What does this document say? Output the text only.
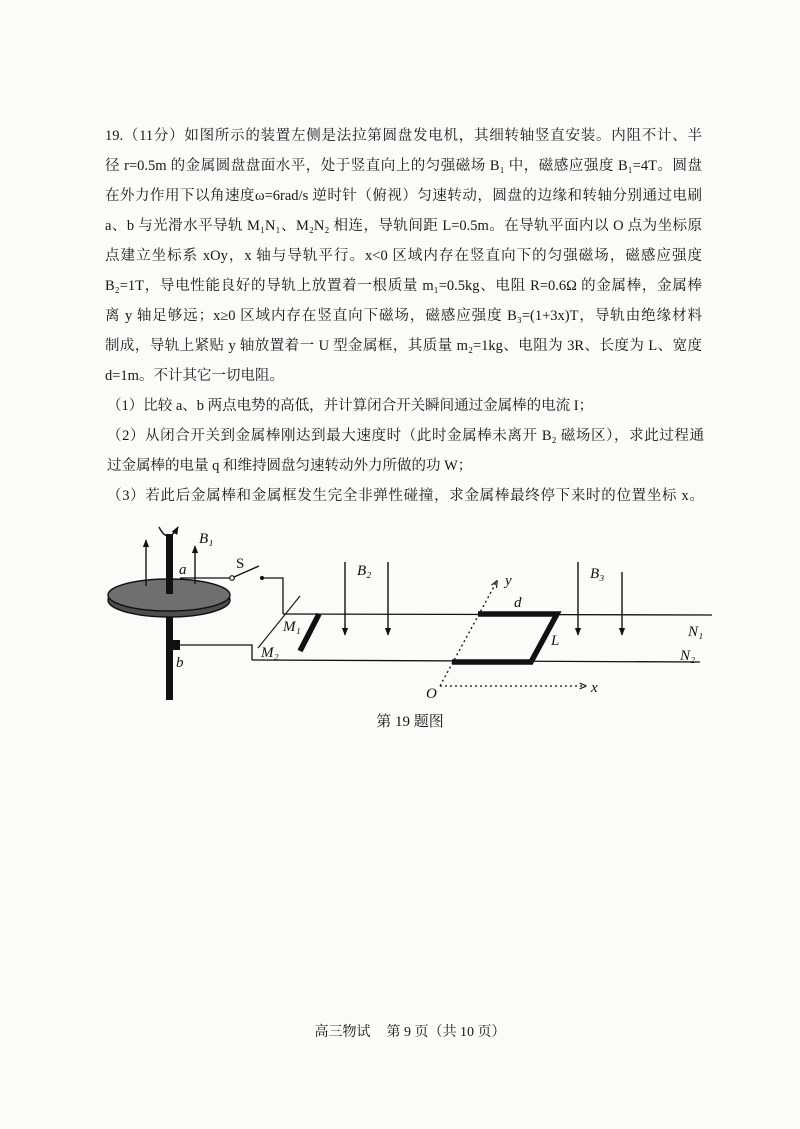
19.（11分）如图所示的装置左侧是法拉第圆盘发电机，其细转轴竖直安装。内阻不计、半
径 r=0.5m 的金属圆盘盘面水平，处于竖直向上的匀强磁场 B₁ 中，磁感应强度 B₁=4T。圆盘
在外力作用下以角速度ω=6rad/s 逆时针（俯视）匀速转动，圆盘的边缘和转轴分别通过电刷
a、b 与光滑水平导轨 M₁N₁、M₂N₂ 相连，导轨间距 L=0.5m。在导轨平面内以 O 点为坐标原
点建立坐标系 xOy，x 轴与导轨平行。x<0 区域内存在竖直向下的匀强磁场，磁感应强度
B₂=1T，导电性能良好的导轨上放置着一根质量 m₁=0.5kg、电阻 R=0.6Ω 的金属棒，金属棒
离 y 轴足够远；x≥0 区域内存在竖直向下磁场，磁感应强度 B₃=(1+3x)T，导轨由绝缘材料
制成，导轨上紧贴 y 轴放置着一 U 型金属框，其质量 m₂=1kg、电阻为 3R、长度为 L、宽度
d=1m。不计其它一切电阻。
（1）比较 a、b 两点电势的高低，并计算闭合开关瞬间通过金属棒的电流 I；
（2）从闭合开关到金属棒刚达到最大速度时（此时金属棒未离开 B₂ 磁场区），求此过程通
过金属棒的电量 q 和维持圆盘匀速转动外力所做的功 W；
（3）若此后金属棒和金属框发生完全非弹性碰撞，求金属棒最终停下来时的位置坐标 x。
B₁
a	S
b
M₁
M₂
N₁
N₂
B₂
y
x
O
d
L
B₃
第 19 题图
高三物试 第 9 页（共 10 页）
